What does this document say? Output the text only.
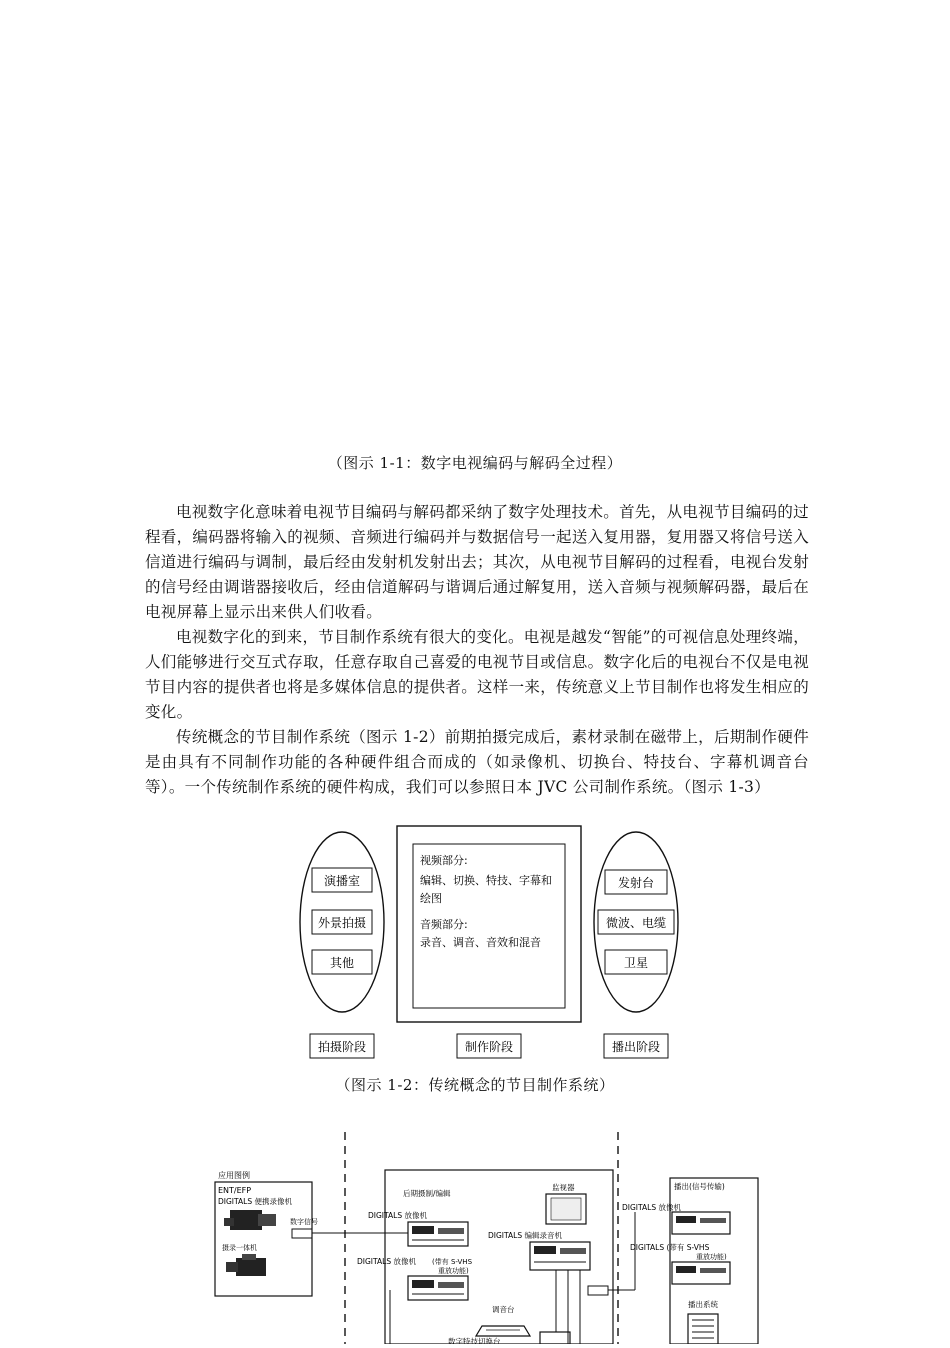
（图示 1-1：数字电视编码与解码全过程）

电视数字化意味着电视节目编码与解码都采纳了数字处理技术。首先，从电视节目编码的过程看，编码器将输入的视频、音频进行编码并与数据信号一起送入复用器，复用器又将信号送入信道进行编码与调制，最后经由发射机发射出去；其次，从电视节目解码的过程看，电视台发射的信号经由调谐器接收后，经由信道解码与谐调后通过解复用，送入音频与视频解码器，最后在电视屏幕上显示出来供人们收看。

电视数字化的到来，节目制作系统有很大的变化。电视是越发“智能”的可视信息处理终端，人们能够进行交互式存取，任意存取自己喜爱的电视节目或信息。数字化后的电视台不仅是电视节目内容的提供者也将是多媒体信息的提供者。这样一来，传统意义上节目制作也将发生相应的变化。

传统概念的节目制作系统（图示 1-2）前期拍摄完成后，素材录制在磁带上，后期制作硬件是由具有不同制作功能的各种硬件组合而成的（如录像机、切换台、特技台、字幕机调音台等）。一个传统制作系统的硬件构成，我们可以参照日本 JVC 公司制作系统。（图示 1-3）

演播室
外景拍摄
其他
视频部分:
编辑、切换、特技、字幕和
绘图
音频部分:
录音、调音、音效和混音
发射台
微波、电缆
卫星
拍摄阶段	制作阶段	播出阶段
（图示 1-2：传统概念的节目制作系统）
应用图例
ENT/EFP
DIGITALS 便携录像机
数字信号
摄录一体机
后期摄制/编辑
监视器
DIGITALS 放像机
DIGITALS 编辑录音机
DIGITALS 放像机 (带有 S-VHS
重放功能)
调音台
数字特技切换台
播出(信号传输)
DIGITALS 放像机
DIGITALS (带有 S-VHS
重放功能)
播出系统
